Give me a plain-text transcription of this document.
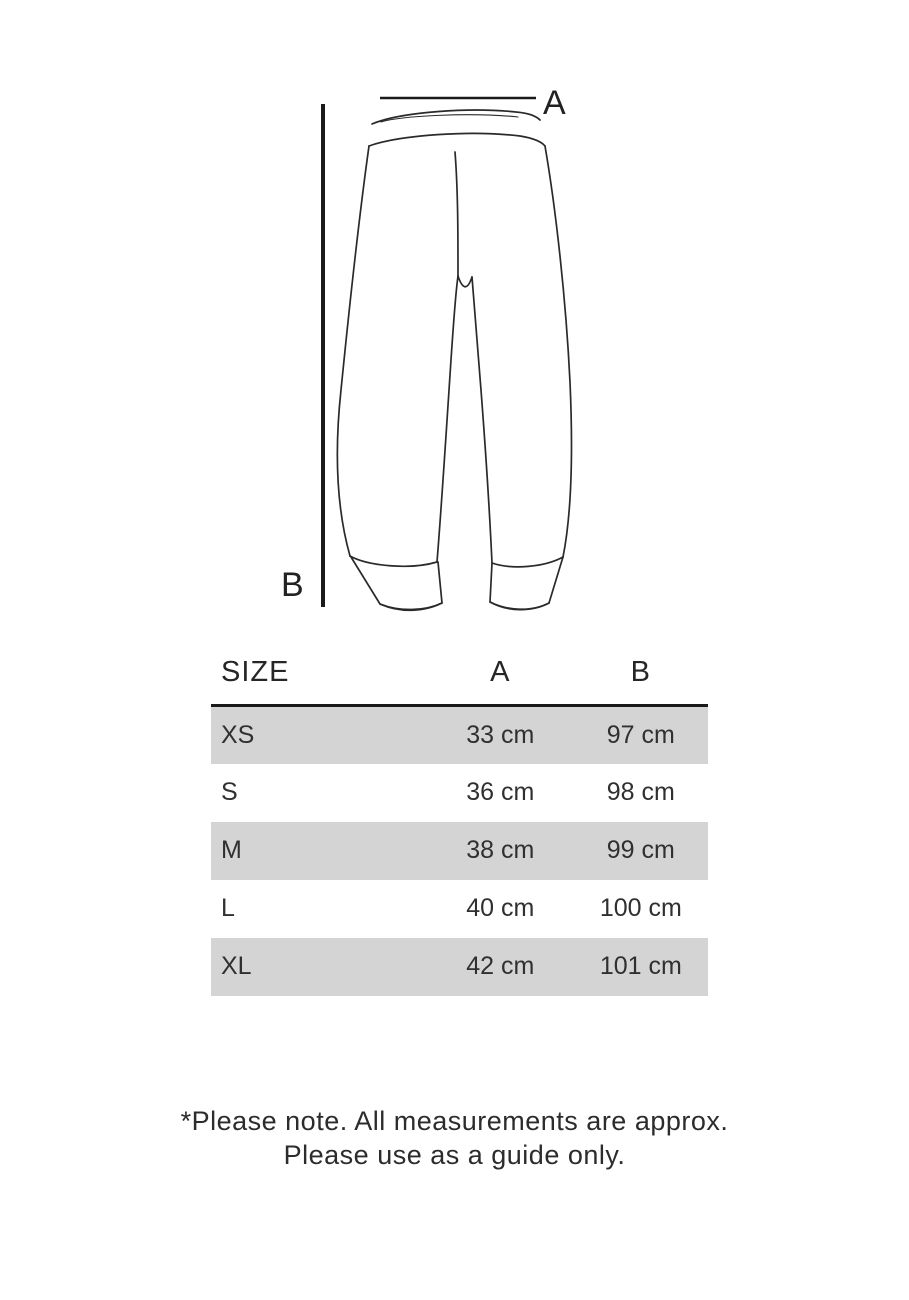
A
B
SIZE	A	B
XS	33 cm	97 cm
S	36 cm	98 cm
M	38 cm	99 cm
L	40 cm	100 cm
XL	42 cm	101 cm
*Please note. All measurements are approx.
Please use as a guide only.
